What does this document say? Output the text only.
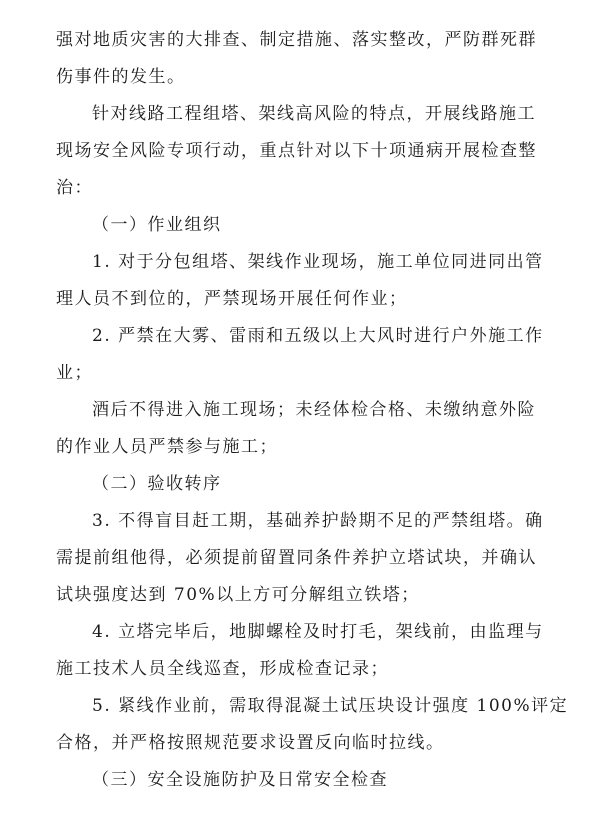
强对地质灾害的大排查、制定措施、落实整改，严防群死群
伤事件的发生。
针对线路工程组塔、架线高风险的特点，开展线路施工
现场安全风险专项行动，重点针对以下十项通病开展检查整
治：
（一）作业组织
1. 对于分包组塔、架线作业现场，施工单位同进同出管
理人员不到位的，严禁现场开展任何作业；
2. 严禁在大雾、雷雨和五级以上大风时进行户外施工作
业；
酒后不得进入施工现场；未经体检合格、未缴纳意外险
的作业人员严禁参与施工；
（二）验收转序
3. 不得盲目赶工期，基础养护龄期不足的严禁组塔。确
需提前组他得，必须提前留置同条件养护立塔试块，并确认
试块强度达到 70%以上方可分解组立铁塔；
4. 立塔完毕后，地脚螺栓及时打毛，架线前，由监理与
施工技术人员全线巡查，形成检查记录；
5. 紧线作业前，需取得混凝土试压块设计强度 100%评定
合格，并严格按照规范要求设置反向临时拉线。
（三）安全设施防护及日常安全检查
